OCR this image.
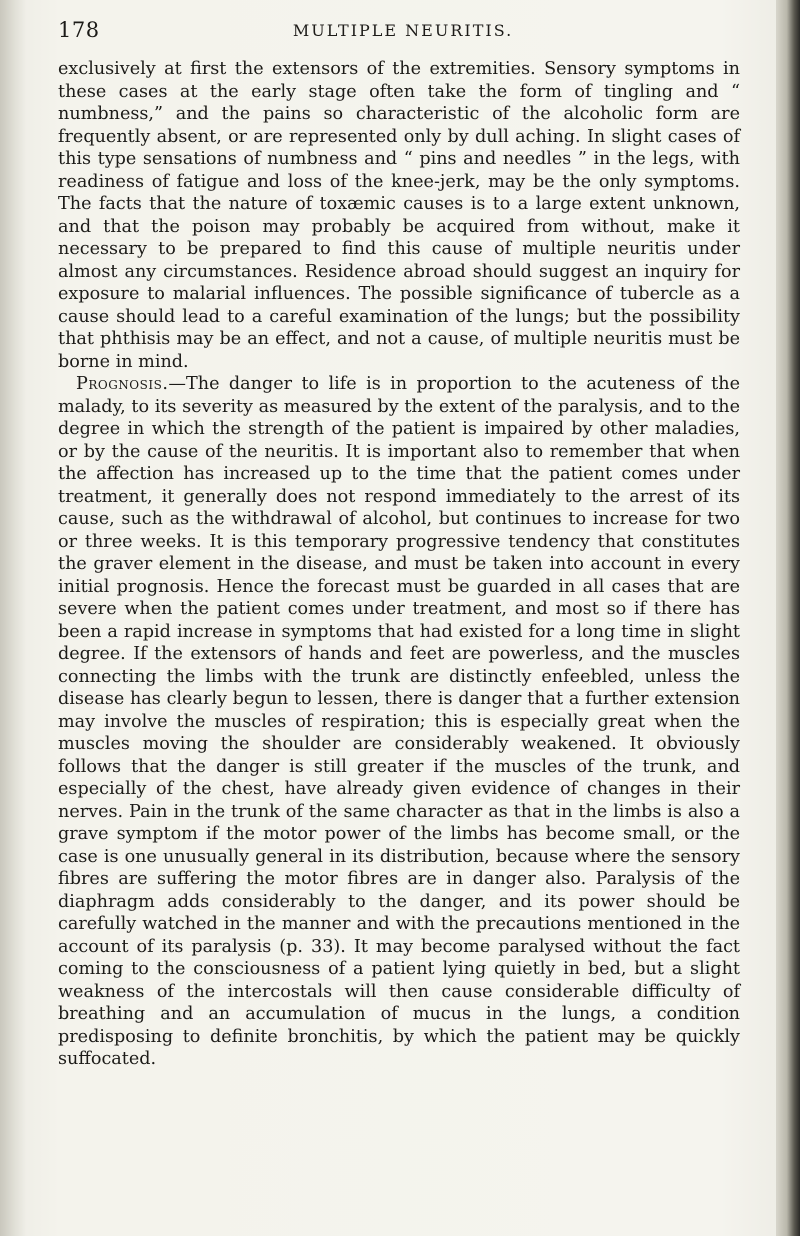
178	MULTIPLE NEURITIS.

exclusively at first the extensors of the extremities. Sensory symptoms in these cases at the early stage often take the form of tingling and “ numbness,” and the pains so characteristic of the alcoholic form are frequently absent, or are represented only by dull aching. In slight cases of this type sensations of numbness and “ pins and needles ” in the legs, with readiness of fatigue and loss of the knee-jerk, may be the only symptoms. The facts that the nature of toxæmic causes is to a large extent unknown, and that the poison may probably be acquired from without, make it necessary to be prepared to find this cause of multiple neuritis under almost any circumstances. Residence abroad should suggest an inquiry for exposure to malarial influences. The possible significance of tubercle as a cause should lead to a careful examination of the lungs; but the possibility that phthisis may be an effect, and not a cause, of multiple neuritis must be borne in mind.

Prognosis.—The danger to life is in proportion to the acuteness of the malady, to its severity as measured by the extent of the paralysis, and to the degree in which the strength of the patient is impaired by other maladies, or by the cause of the neuritis. It is important also to remember that when the affection has increased up to the time that the patient comes under treatment, it generally does not respond immediately to the arrest of its cause, such as the withdrawal of alcohol, but continues to increase for two or three weeks. It is this temporary progressive tendency that constitutes the graver element in the disease, and must be taken into account in every initial prognosis. Hence the forecast must be guarded in all cases that are severe when the patient comes under treatment, and most so if there has been a rapid increase in symptoms that had existed for a long time in slight degree. If the extensors of hands and feet are powerless, and the muscles connecting the limbs with the trunk are distinctly enfeebled, unless the disease has clearly begun to lessen, there is danger that a further extension may involve the muscles of respiration; this is especially great when the muscles moving the shoulder are considerably weakened. It obviously follows that the danger is still greater if the muscles of the trunk, and especially of the chest, have already given evidence of changes in their nerves. Pain in the trunk of the same character as that in the limbs is also a grave symptom if the motor power of the limbs has become small, or the case is one unusually general in its distribution, because where the sensory fibres are suffering the motor fibres are in danger also. Paralysis of the diaphragm adds considerably to the danger, and its power should be carefully watched in the manner and with the precautions mentioned in the account of its paralysis (p. 33). It may become paralysed without the fact coming to the consciousness of a patient lying quietly in bed, but a slight weakness of the intercostals will then cause considerable difficulty of breathing and an accumulation of mucus in the lungs, a condition predisposing to definite bronchitis, by which the patient may be quickly suffocated.
